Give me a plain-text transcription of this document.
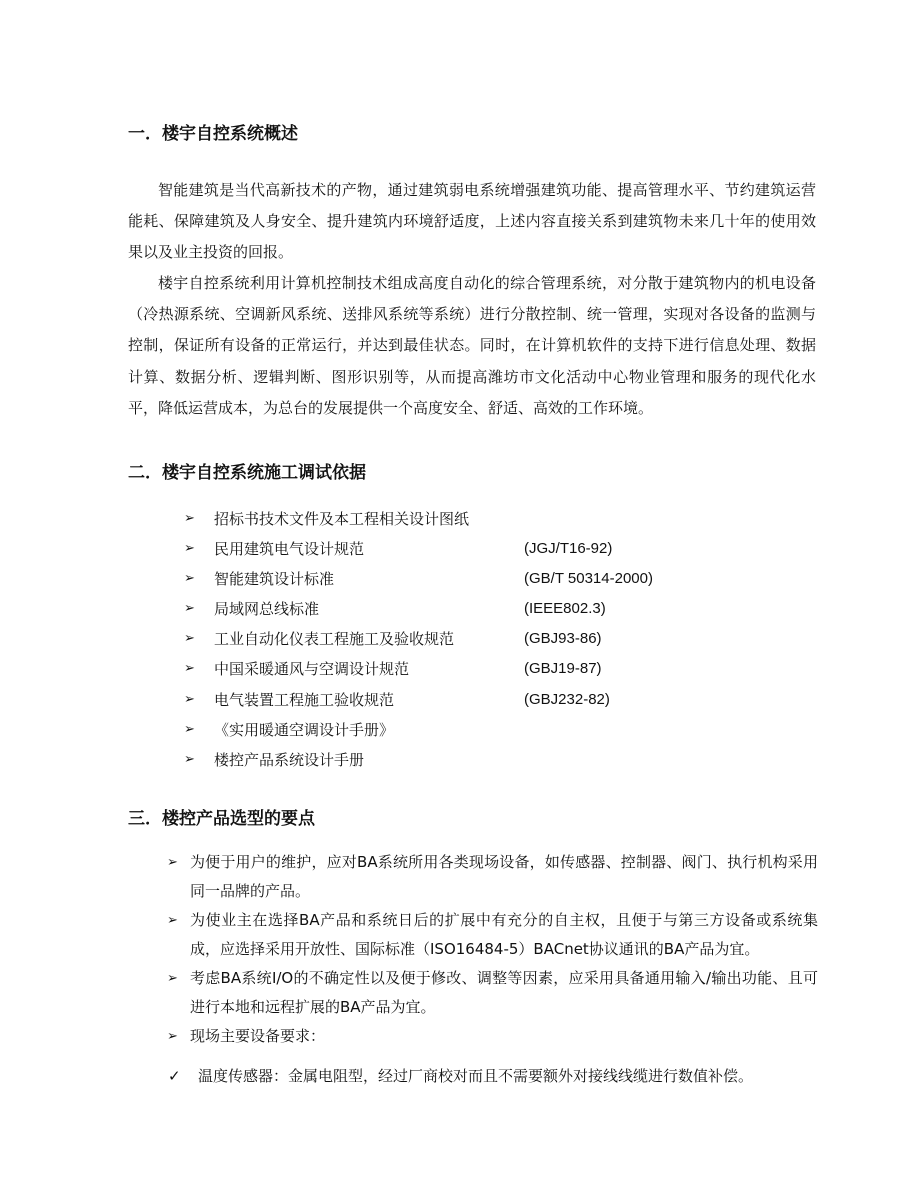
一．楼宇自控系统概述

智能建筑是当代高新技术的产物，通过建筑弱电系统增强建筑功能、提高管理水平、节约建筑运营能耗、保障建筑及人身安全、提升建筑内环境舒适度，上述内容直接关系到建筑物未来几十年的使用效果以及业主投资的回报。

楼宇自控系统利用计算机控制技术组成高度自动化的综合管理系统，对分散于建筑物内的机电设备（冷热源系统、空调新风系统、送排风系统等系统）进行分散控制、统一管理，实现对各设备的监测与控制，保证所有设备的正常运行，并达到最佳状态。同时，在计算机软件的支持下进行信息处理、数据计算、数据分析、逻辑判断、图形识别等，从而提高潍坊市文化活动中心物业管理和服务的现代化水平，降低运营成本，为总台的发展提供一个高度安全、舒适、高效的工作环境。

二．楼宇自控系统施工调试依据
➢ 招标书技术文件及本工程相关设计图纸
➢ 民用建筑电气设计规范	(JGJ/T16-92)
➢ 智能建筑设计标准	(GB/T 50314-2000)
➢ 局域网总线标准	(IEEE802.3)
➢ 工业自动化仪表工程施工及验收规范	(GBJ93-86)
➢ 中国采暖通风与空调设计规范	(GBJ19-87)
➢ 电气装置工程施工验收规范	(GBJ232-82)
➢ 《实用暖通空调设计手册》
➢ 楼控产品系统设计手册
三．楼控产品选型的要点
➢ 为便于用户的维护，应对BA系统所用各类现场设备，如传感器、控制器、阀门、执行机构采用同一品牌的产品。
➢ 为使业主在选择BA产品和系统日后的扩展中有充分的自主权，且便于与第三方设备或系统集成，应选择采用开放性、国际标准（ISO16484-5）BACnet协议通讯的BA产品为宜。
➢ 考虑BA系统I/O的不确定性以及便于修改、调整等因素，应采用具备通用输入/输出功能、且可进行本地和远程扩展的BA产品为宜。
➢ 现场主要设备要求：
✓ 温度传感器：金属电阻型，经过厂商校对而且不需要额外对接线线缆进行数值补偿。
